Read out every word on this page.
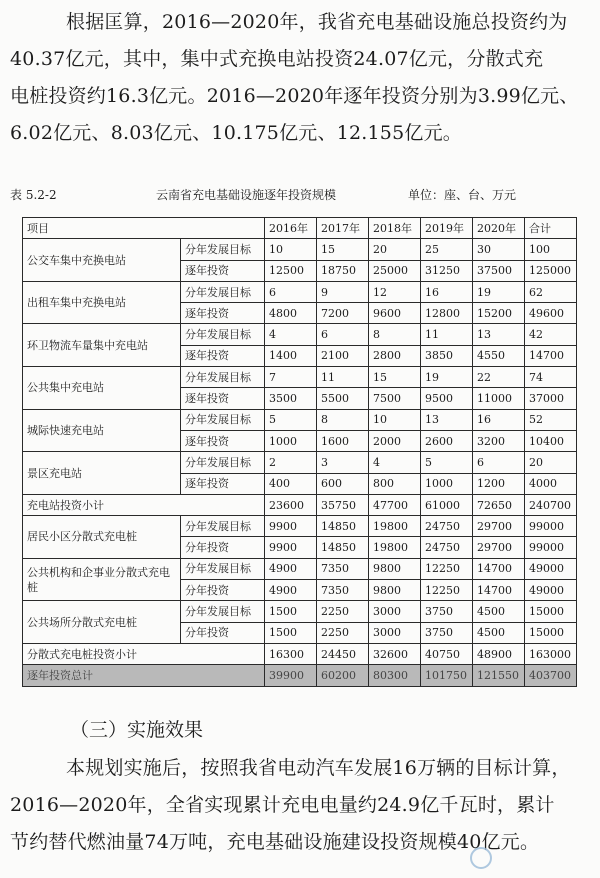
根据匡算，2016—2020年，我省充电基础设施总投资约为
40.37亿元，其中，集中式充换电站投资24.07亿元，分散式充
电桩投资约16.3亿元。2016—2020年逐年投资分别为3.99亿元、
6.02亿元、8.03亿元、10.175亿元、12.155亿元。
表 5.2-2	云南省充电基础设施逐年投资规模	单位：座、台、万元
项目		2016年	2017年	2018年	2019年	2020年	合计
公交车集中充换电站	分年发展目标	10	15	20	25	30	100
	逐年投资	12500	18750	25000	31250	37500	125000
出租车集中充换电站	分年发展目标	6	9	12	16	19	62
	逐年投资	4800	7200	9600	12800	15200	49600
环卫物流车量集中充电站	分年发展目标	4	6	8	11	13	42
	逐年投资	1400	2100	2800	3850	4550	14700
公共集中充电站	分年发展目标	7	11	15	19	22	74
	逐年投资	3500	5500	7500	9500	11000	37000
城际快速充电站	分年发展目标	5	8	10	13	16	52
	逐年投资	1000	1600	2000	2600	3200	10400
景区充电站	分年发展目标	2	3	4	5	6	20
	逐年投资	400	600	800	1000	1200	4000
充电站投资小计		23600	35750	47700	61000	72650	240700
居民小区分散式充电桩	分年发展目标	9900	14850	19800	24750	29700	99000
	分年投资	9900	14850	19800	24750	29700	99000
公共机构和企事业分散式充电桩	分年发展目标	4900	7350	9800	12250	14700	49000
	分年投资	4900	7350	9800	12250	14700	49000
公共场所分散式充电桩	分年发展目标	1500	2250	3000	3750	4500	15000
	分年投资	1500	2250	3000	3750	4500	15000
分散式充电桩投资小计		16300	24450	32600	40750	48900	163000
逐年投资总计		39900	60200	80300	101750	121550	403700
（三）实施效果
本规划实施后，按照我省电动汽车发展16万辆的目标计算，
2016—2020年，全省实现累计充电电量约24.9亿千瓦时，累计
节约替代燃油量74万吨，充电基础设施建设投资规模40亿元。
